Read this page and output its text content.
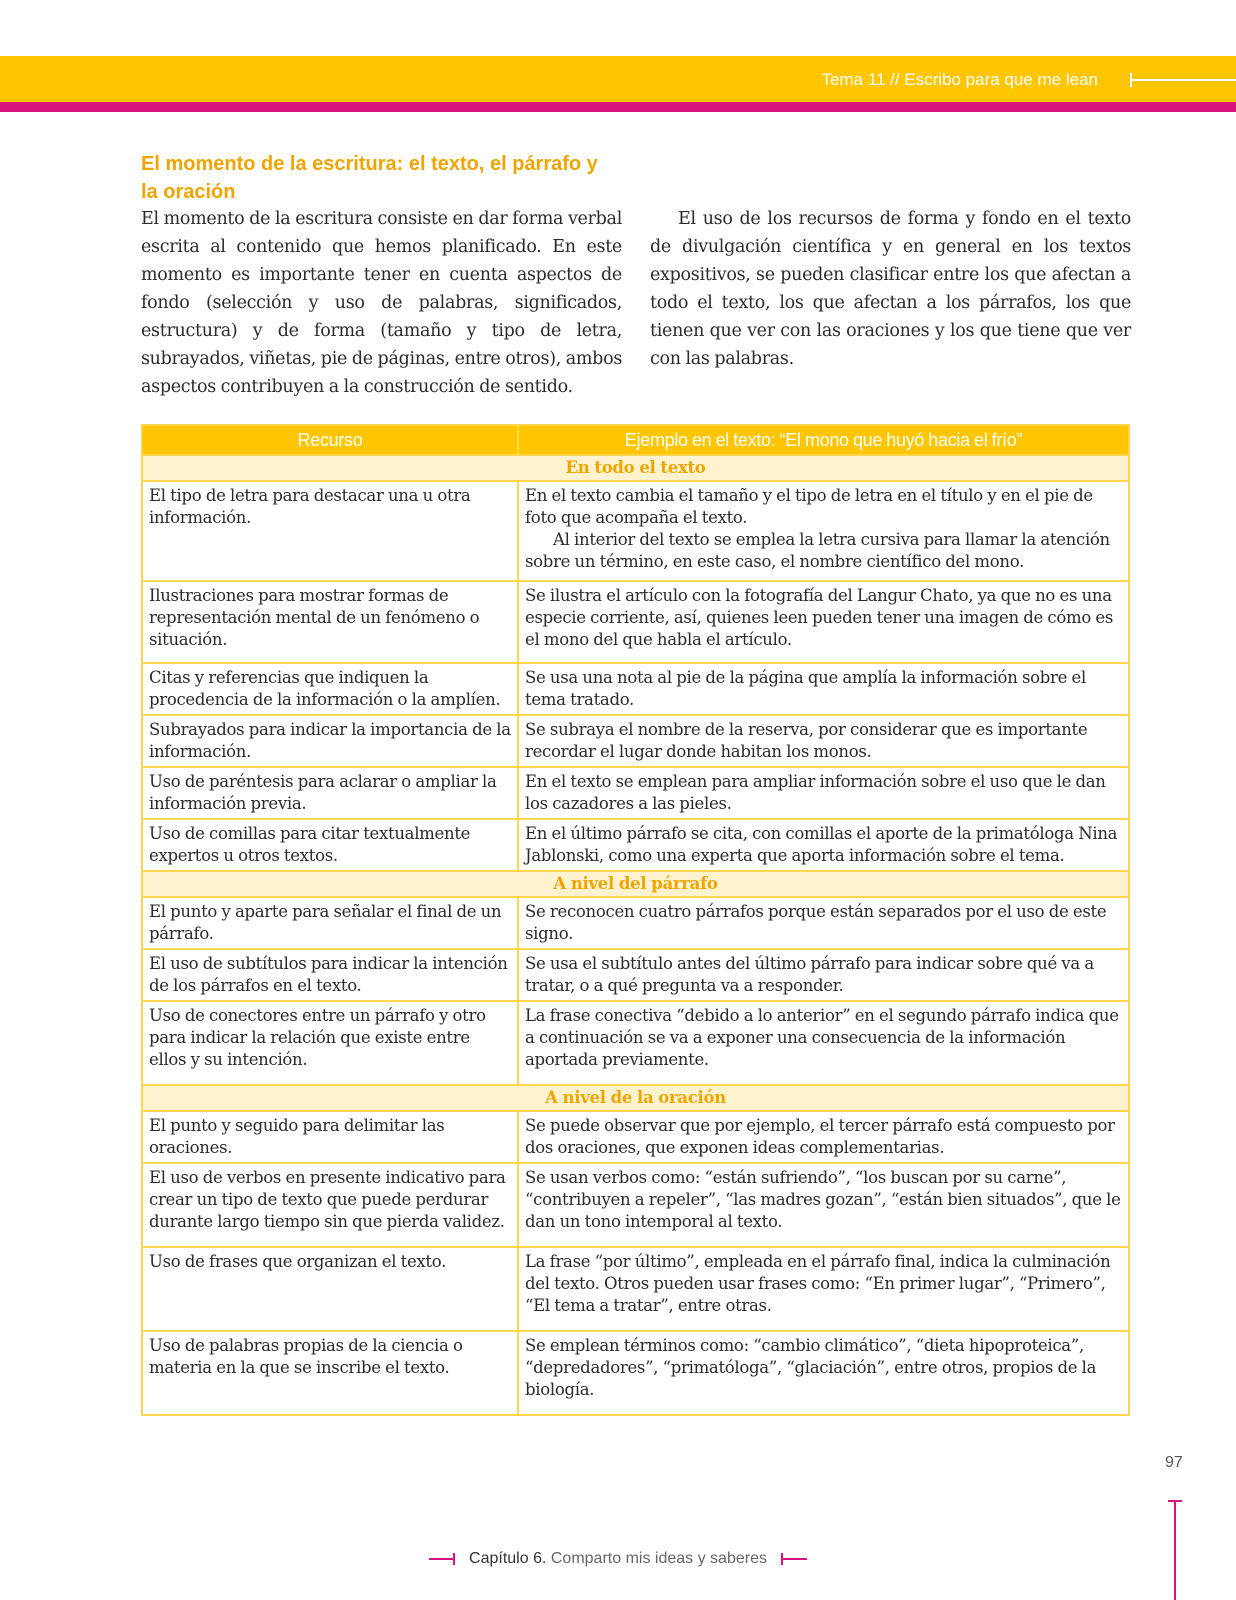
Tema 11 // Escribo para que me lean
El momento de la escritura: el texto, el párrafo y la oración

El momento de la escritura consiste en dar forma verbal escrita al contenido que hemos planificado. En este momento es importante tener en cuenta aspectos de fondo (selección y uso de palabras, significados, estructura) y de forma (tamaño y tipo de letra, subrayados, viñetas, pie de páginas, entre otros), ambos aspectos contribuyen a la construcción de sentido.

El uso de los recursos de forma y fondo en el texto de divulgación científica y en general en los textos expositivos, se pueden clasificar entre los que afectan a todo el texto, los que afectan a los párrafos, los que tienen que ver con las oraciones y los que tiene que ver con las palabras.

Recurso	Ejemplo en el texto: “El mono que huyó hacia el frío”
En todo el texto	
El tipo de letra para destacar una u otra información.	En el texto cambia el tamaño y el tipo de letra en el título y en el pie de foto que acompaña el texto.
Al interior del texto se emplea la letra cursiva para llamar la atención sobre un término, en este caso, el nombre científico del mono.

Ilustraciones para mostrar formas de representación mental de un fenómeno o situación.	Se ilustra el artículo con la fotografía del Langur Chato, ya que no es una especie corriente, así, quienes leen pueden tener una imagen de cómo es el mono del que habla el artículo.
Citas y referencias que indiquen la procedencia de la información o la amplíen.	Se usa una nota al pie de la página que amplía la información sobre el tema tratado.
Subrayados para indicar la importancia de la información.	Se subraya el nombre de la reserva, por considerar que es importante recordar el lugar donde habitan los monos.
Uso de paréntesis para aclarar o ampliar la información previa.	En el texto se emplean para ampliar información sobre el uso que le dan los cazadores a las pieles.
Uso de comillas para citar textualmente expertos u otros textos.	En el último párrafo se cita, con comillas el aporte de la primatóloga Nina Jablonski, como una experta que aporta información sobre el tema.
A nivel del párrafo	
El punto y aparte para señalar el final de un párrafo.	Se reconocen cuatro párrafos porque están separados por el uso de este signo.
El uso de subtítulos para indicar la intención de los párrafos en el texto.	Se usa el subtítulo antes del último párrafo para indicar sobre qué va a tratar, o a qué pregunta va a responder.
Uso de conectores entre un párrafo y otro para indicar la relación que existe entre ellos y su intención.	La frase conectiva “debido a lo anterior” en el segundo párrafo indica que a continuación se va a exponer una consecuencia de la información aportada previamente.
A nivel de la oración	
El punto y seguido para delimitar las oraciones.	Se puede observar que por ejemplo, el tercer párrafo está compuesto por dos oraciones, que exponen ideas complementarias.
El uso de verbos en presente indicativo para crear un tipo de texto que puede perdurar durante largo tiempo sin que pierda validez.	Se usan verbos como: “están sufriendo”, “los buscan por su carne”, “contribuyen a repeler”, “las madres gozan”, “están bien situados”, que le dan un tono intemporal al texto.
Uso de frases que organizan el texto.	La frase “por último”, empleada en el párrafo final, indica la culminación del texto. Otros pueden usar frases como: “En primer lugar”, “Primero”, “El tema a tratar”, entre otras.
Uso de palabras propias de la ciencia o materia en la que se inscribe el texto.	Se emplean términos como: “cambio climático”, “dieta hipoproteica”, “depredadores”, “primatóloga”, “glaciación”, entre otros, propios de la biología.
97
Capítulo 6. Comparto mis ideas y saberes
